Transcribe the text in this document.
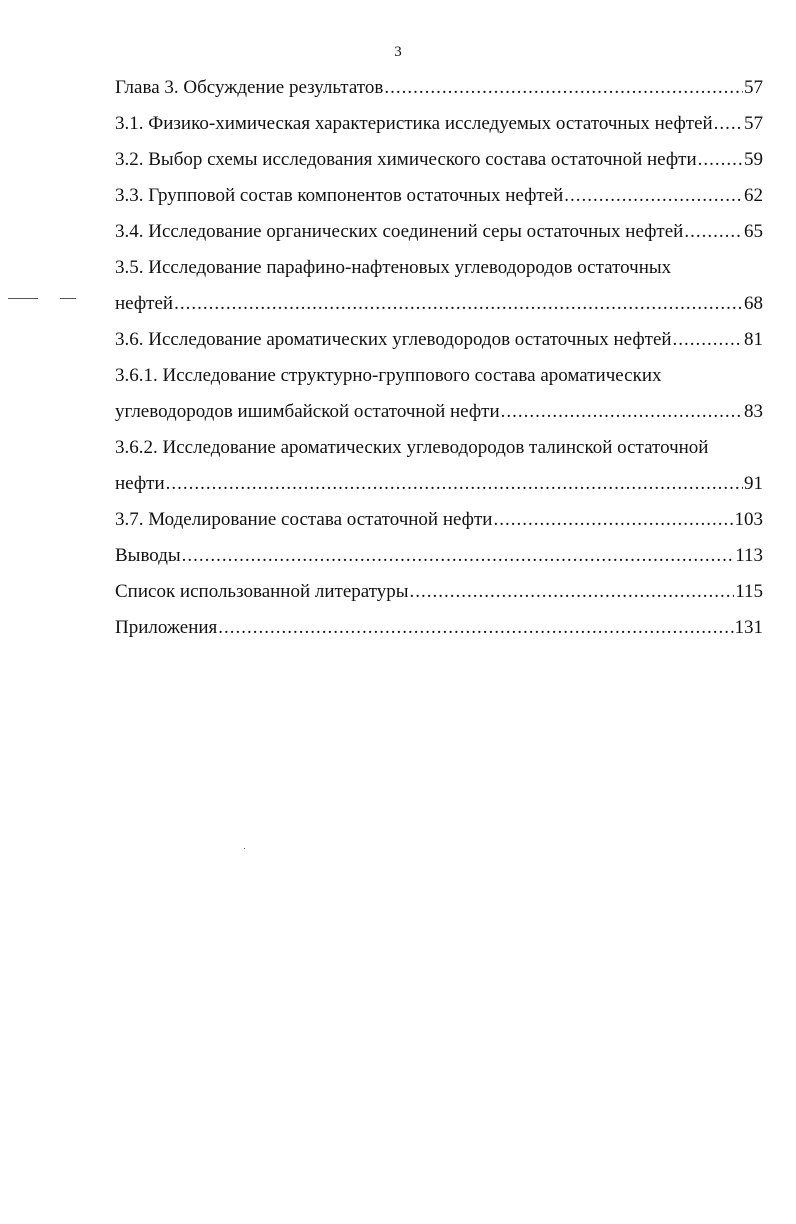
3
Глава 3. Обсуждение результатов .....	57
3.1. Физико-химическая характеристика исследуемых остаточных нефтей ..... 57
3.2. Выбор схемы исследования химического состава остаточной нефти ..... 59
3.3. Групповой состав компонентов остаточных нефтей .....	62
3.4. Исследование органических соединений серы остаточных нефтей .....	65
3.5. Исследование парафино-нафтеновых углеводородов остаточных
нефтей .....	68
3.6. Исследование ароматических углеводородов остаточных нефтей .....	81
3.6.1. Исследование структурно-группового состава ароматических
углеводородов ишимбайской остаточной нефти .....	83
3.6.2. Исследование ароматических углеводородов талинской остаточной
нефти .....	91
3.7. Моделирование состава остаточной нефти .....	103
Выводы .....	113
Список использованной литературы .....	115
Приложения .....	131
